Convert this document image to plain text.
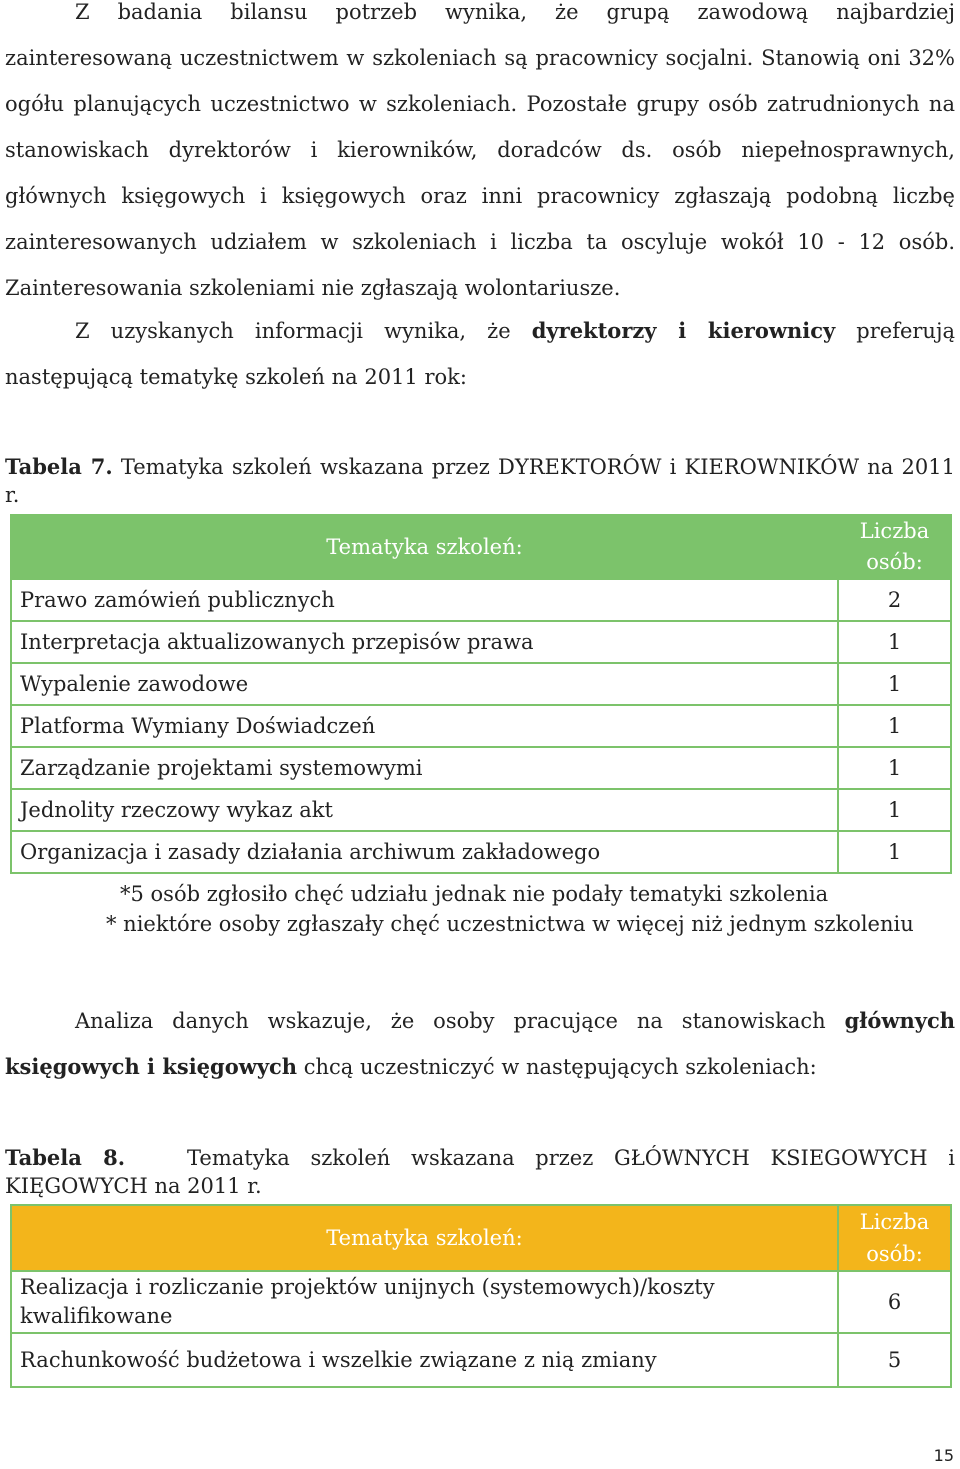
Z badania bilansu potrzeb wynika, że grupą zawodową najbardziej zainteresowaną uczestnictwem w szkoleniach są pracownicy socjalni. Stanowią oni 32% ogółu planujących uczestnictwo w szkoleniach. Pozostałe grupy osób zatrudnionych na stanowiskach dyrektorów i kierowników, doradców ds. osób niepełnosprawnych, głównych księgowych i księgowych oraz inni pracownicy zgłaszają podobną liczbę zainteresowanych udziałem w szkoleniach i liczba ta oscyluje wokół 10 - 12 osób. Zainteresowania szkoleniami nie zgłaszają wolontariusze.
Z uzyskanych informacji wynika, że dyrektorzy i kierownicy preferują następującą tematykę szkoleń na 2011 rok:
Tabela 7. Tematyka szkoleń wskazana przez DYREKTORÓW i KIEROWNIKÓW na 2011 r.
Tematyka szkoleń:	Liczba
osób:
Prawo zamówień publicznych	2
Interpretacja aktualizowanych przepisów prawa	1
Wypalenie zawodowe	1
Platforma Wymiany Doświadczeń	1
Zarządzanie projektami systemowymi	1
Jednolity rzeczowy wykaz akt	1
Organizacja i zasady działania archiwum zakładowego	1
*5 osób zgłosiło chęć udziału jednak nie podały tematyki szkolenia
* niektóre osoby zgłaszały chęć uczestnictwa w więcej niż jednym szkoleniu
Analiza danych wskazuje, że osoby pracujące na stanowiskach głównych księgowych i księgowych chcą uczestniczyć w następujących szkoleniach:
Tabela 8.	Tematyka szkoleń wskazana przez GŁÓWNYCH KSIEGOWYCH i KIĘGOWYCH na 2011 r.
Tematyka szkoleń:	Liczba
osób:
Realizacja i rozliczanie projektów unijnych (systemowych)/koszty kwalifikowane	6
Rachunkowość budżetowa i wszelkie związane z nią zmiany	5
15
